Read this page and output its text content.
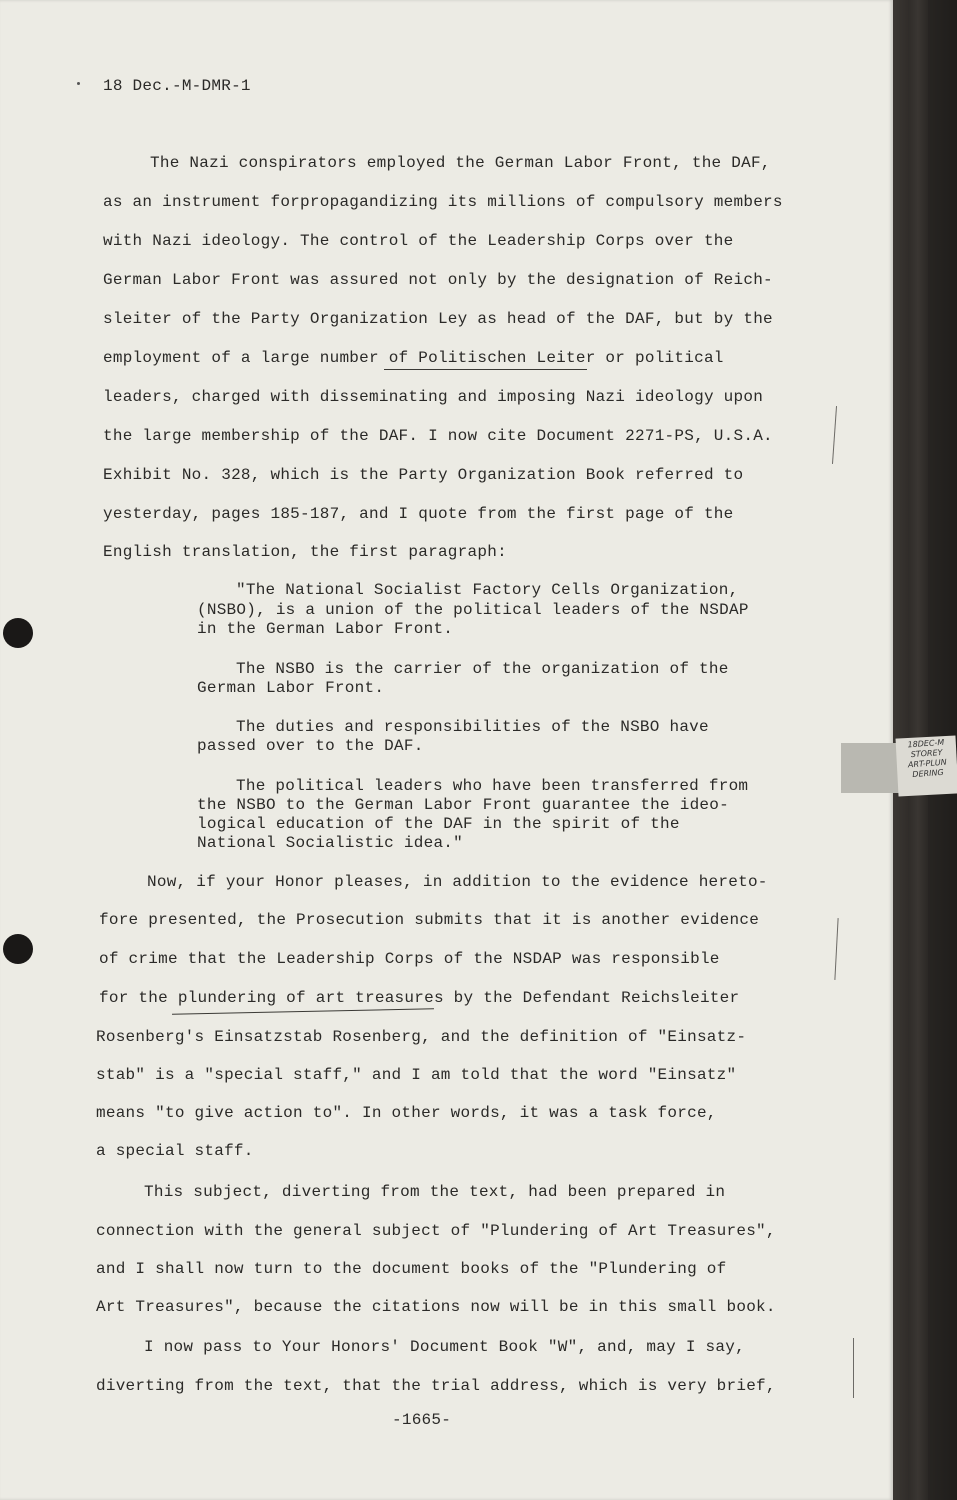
18DEC-M
STOREY
ART-PLUN
DERING
18 Dec.-M-DMR-1
The Nazi conspirators employed the German Labor Front, the DAF,
as an instrument forpropagandizing its millions of compulsory members
with Nazi ideology. The control of the Leadership Corps over the
German Labor Front was assured not only by the designation of Reich-
sleiter of the Party Organization Ley as head of the DAF, but by the
employment of a large number of Politischen Leiter or political
leaders, charged with disseminating and imposing Nazi ideology upon
the large membership of the DAF. I now cite Document 2271-PS, U.S.A.
Exhibit No. 328, which is the Party Organization Book referred to
yesterday, pages 185-187, and I quote from the first page of the
English translation, the first paragraph:
"The National Socialist Factory Cells Organization,
(NSBO), is a union of the political leaders of the NSDAP
in the German Labor Front.
The NSBO is the carrier of the organization of the
German Labor Front.
The duties and responsibilities of the NSBO have
passed over to the DAF.
The political leaders who have been transferred from
the NSBO to the German Labor Front guarantee the ideo-
logical education of the DAF in the spirit of the
National Socialistic idea."
Now, if your Honor pleases, in addition to the evidence hereto-
fore presented, the Prosecution submits that it is another evidence
of crime that the Leadership Corps of the NSDAP was responsible
for the plundering of art treasures by the Defendant Reichsleiter
Rosenberg's Einsatzstab Rosenberg, and the definition of "Einsatz-
stab" is a "special staff," and I am told that the word "Einsatz"
means "to give action to". In other words, it was a task force,
a special staff.
This subject, diverting from the text, had been prepared in
connection with the general subject of "Plundering of Art Treasures",
and I shall now turn to the document books of the "Plundering of
Art Treasures", because the citations now will be in this small book.
I now pass to Your Honors' Document Book "W", and, may I say,
diverting from the text, that the trial address, which is very brief,
-1665-
